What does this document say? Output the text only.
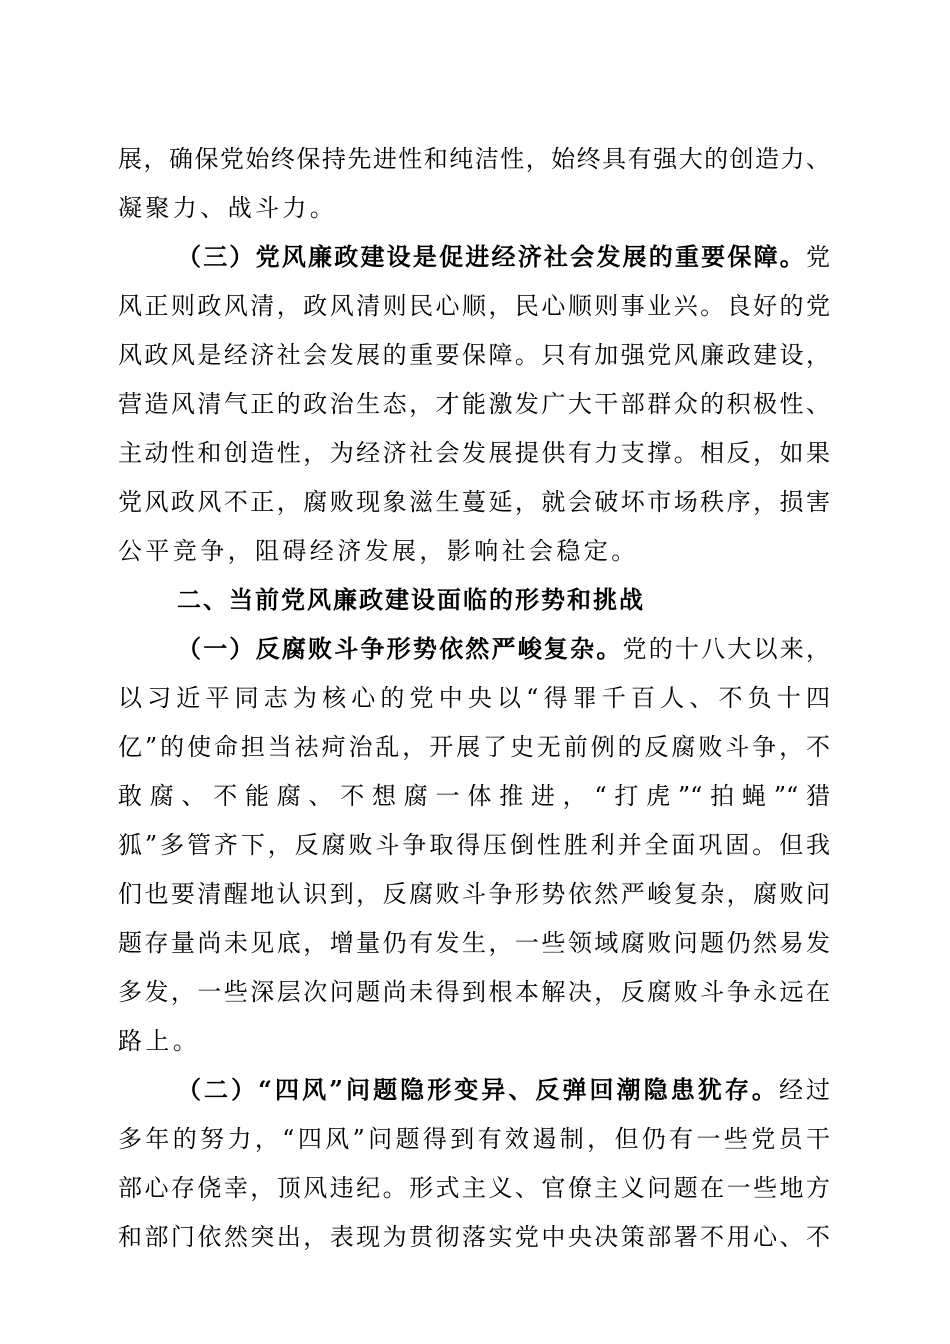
展，确保党始终保持先进性和纯洁性，始终具有强大的创造力、
凝聚力、战斗力。
（三）党风廉政建设是促进经济社会发展的重要保障。党
风正则政风清，政风清则民心顺，民心顺则事业兴。良好的党
风政风是经济社会发展的重要保障。只有加强党风廉政建设，
营造风清气正的政治生态，才能激发广大干部群众的积极性、
主动性和创造性，为经济社会发展提供有力支撑。相反，如果
党风政风不正，腐败现象滋生蔓延，就会破坏市场秩序，损害
公平竞争，阻碍经济发展，影响社会稳定。
二、当前党风廉政建设面临的形势和挑战
（一）反腐败斗争形势依然严峻复杂。党的十八大以来，
以习近平同志为核心的党中央以“得罪千百人、不负十四
亿”的使命担当祛疴治乱，开展了史无前例的反腐败斗争，不
敢腐、不能腐、不想腐一体推进，“打虎”“拍蝇”“猎
狐”多管齐下，反腐败斗争取得压倒性胜利并全面巩固。但我
们也要清醒地认识到，反腐败斗争形势依然严峻复杂，腐败问
题存量尚未见底，增量仍有发生，一些领域腐败问题仍然易发
多发，一些深层次问题尚未得到根本解决，反腐败斗争永远在
路上。
（二）“四风”问题隐形变异、反弹回潮隐患犹存。经过
多年的努力，“四风”问题得到有效遏制，但仍有一些党员干
部心存侥幸，顶风违纪。形式主义、官僚主义问题在一些地方
和部门依然突出，表现为贯彻落实党中央决策部署不用心、不
